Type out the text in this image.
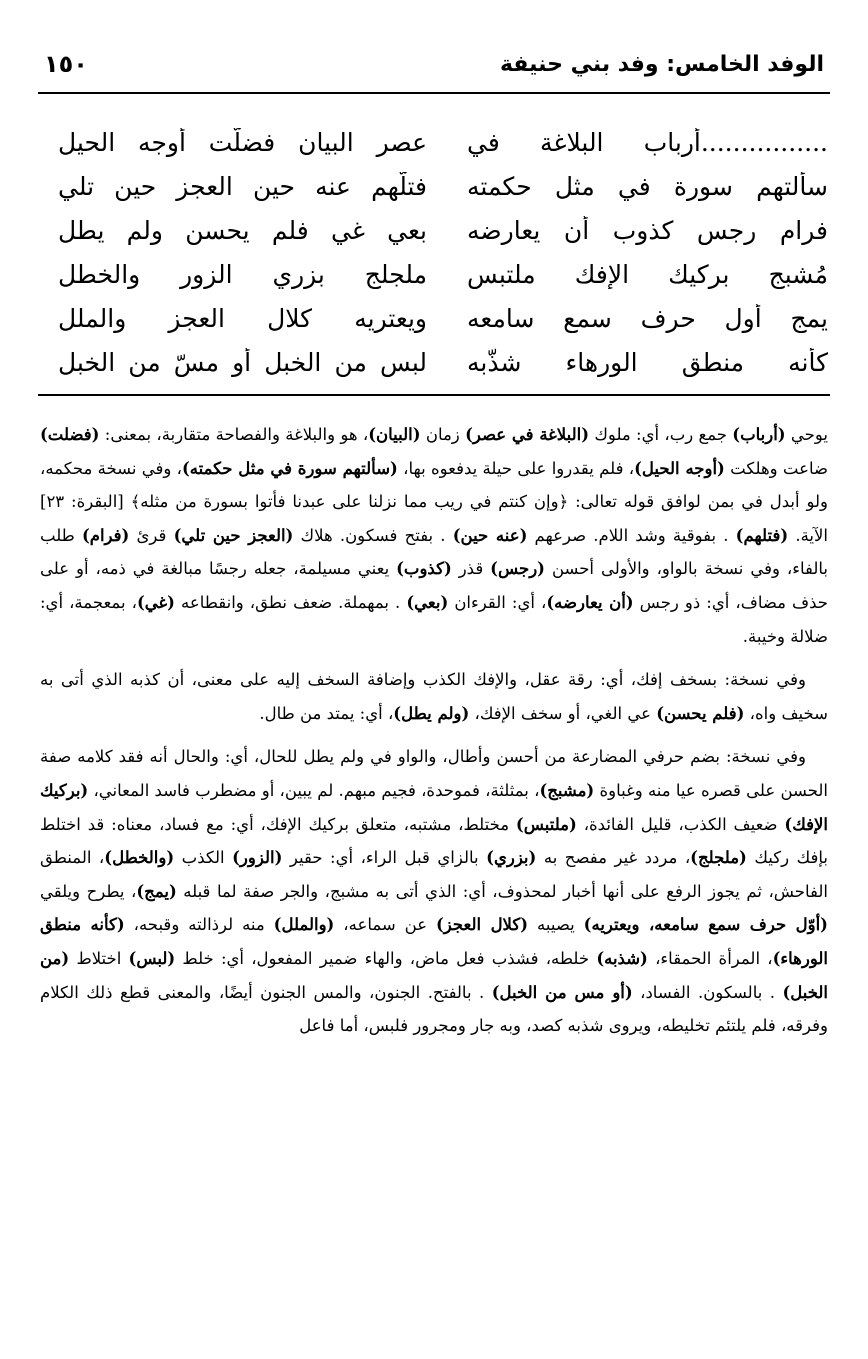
الوفد الخامس: وفد بني حنيفة
١٥٠
................أرباب البلاغة في
عصر البيان فضلَّت أوجه الحيل
سألتهم سورة في مثل حكمته
فتلَّهم عنه حين العجز حين تلي
فرام رجس كذوب أن يعارضه
بعي غي فلم يحسن ولم يطل
مُشبج بركيك الإفك ملتبس
ملجلج بزري الزور والخطل
يمج أول حرف سمع سامعه
ويعتريه كلال العجز والملل
كأنه منطق الورهاء شذَّبه
لبس من الخبل أو مسّ من الخبل

يوحي (أرباب) جمع رب، أي: ملوك (البلاغة في عصر) زمان (البيان)، هو والبلاغة والفصاحة متقاربة، بمعنى: (فضلت) ضاعت وهلكت (أوجه الحيل)، فلم يقدروا على حيلة يدفعوه بها، (سألتهم سورة في مثل حكمته)، وفي نسخة محكمه، ولو أبدل في بمن لوافق قوله تعالى: ﴿وإن كنتم في ريب مما نزلنا على عبدنا فأتوا بسورة من مثله﴾ [البقرة: ٢٣] الآية. (فتلهم) . بفوقية وشد اللام. صرعهم (عنه حين) . بفتح فسكون. هلاك (العجز حين تلي) قرئ (فرام) طلب بالفاء، وفي نسخة بالواو، والأولى أحسن (رجس) قذر (كذوب) يعني مسيلمة، جعله رجسًا مبالغة في ذمه، أو على حذف مضاف، أي: ذو رجس (أن يعارضه)، أي: القرءان (بعي) . بمهملة. ضعف نطق، وانقطاعه (غي)، بمعجمة، أي: ضلالة وخيبة.

وفي نسخة: بسخف إفك، أي: رقة عقل، والإفك الكذب وإضافة السخف إليه على معنى، أن كذبه الذي أتى به سخيف واه، (فلم يحسن) عي الغي، أو سخف الإفك، (ولم يطل)، أي: يمتد من طال.

وفي نسخة: بضم حرفي المضارعة من أحسن وأطال، والواو في ولم يطل للحال، أي: والحال أنه فقد كلامه صفة الحسن على قصره عيا منه وغباوة (مشبج)، بمثلثة، فموحدة، فجيم مبهم. لم يبين، أو مضطرب فاسد المعاني، (بركيك الإفك) ضعيف الكذب، قليل الفائدة، (ملتبس) مختلط، مشتبه، متعلق بركيك الإفك، أي: مع فساد، معناه: قد اختلط بإفك ركيك (ملجلج)، مردد غير مفصح به (بزري) بالزاي قبل الراء، أي: حقير (الزور) الكذب (والخطل)، المنطق الفاحش، ثم يجوز الرفع على أنها أخبار لمحذوف، أي: الذي أتى به مشبج، والجر صفة لما قبله (يمج)، يطرح ويلقي (أوّل حرف سمع سامعه، ويعتريه) يصيبه (كلال العجز) عن سماعه، (والملل) منه لرذالته وقبحه، (كأنه منطق الورهاء)، المرأة الحمقاء، (شذبه) خلطه، فشذب فعل ماض، والهاء ضمير المفعول، أي: خلط (لبس) اختلاط (من الخبل) . بالسكون. الفساد، (أو مس من الخبل) . بالفتح. الجنون، والمس الجنون أيضًا، والمعنى قطع ذلك الكلام وفرقه، فلم يلتئم تخليطه، ويروى شذبه كصد، وبه جار ومجرور فلبس، أما فاعل
